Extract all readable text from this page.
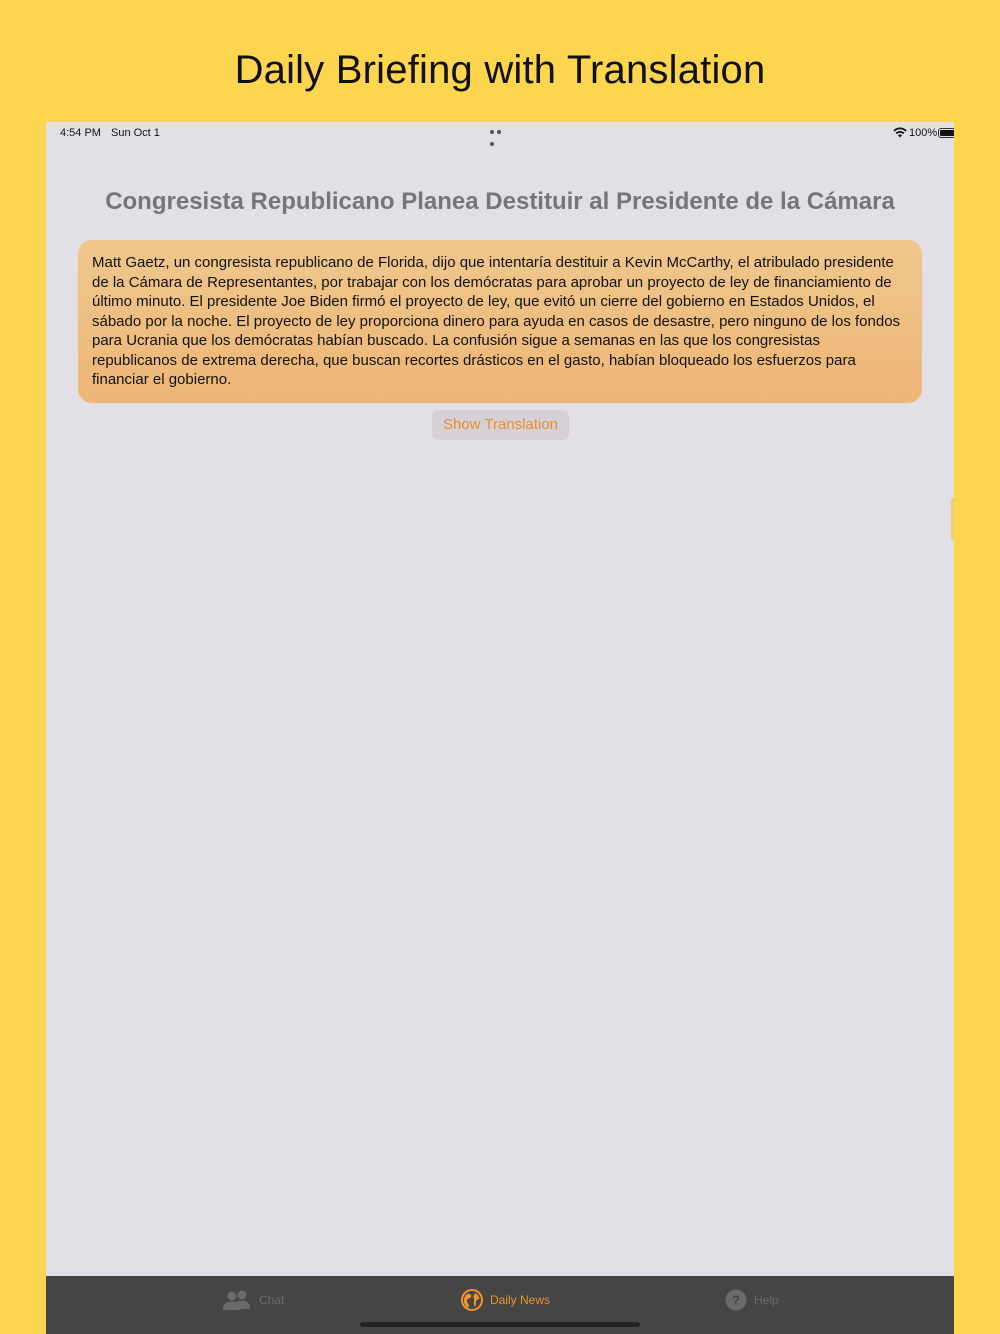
Daily Briefing with Translation
4:54 PM Sun Oct 1	100%
Congresista Republicano Planea Destituir al Presidente de la Cámara
Matt Gaetz, un congresista republicano de Florida, dijo que intentaría destituir a Kevin McCarthy, el atribulado presidente
de la Cámara de Representantes, por trabajar con los demócratas para aprobar un proyecto de ley de financiamiento de
último minuto. El presidente Joe Biden firmó el proyecto de ley, que evitó un cierre del gobierno en Estados Unidos, el
sábado por la noche. El proyecto de ley proporciona dinero para ayuda en casos de desastre, pero ninguno de los fondos
para Ucrania que los demócratas habían buscado. La confusión sigue a semanas en las que los congresistas
republicanos de extrema derecha, que buscan recortes drásticos en el gasto, habían bloqueado los esfuerzos para
financiar el gobierno.
Show Translation
Chat	Daily News	? Help
